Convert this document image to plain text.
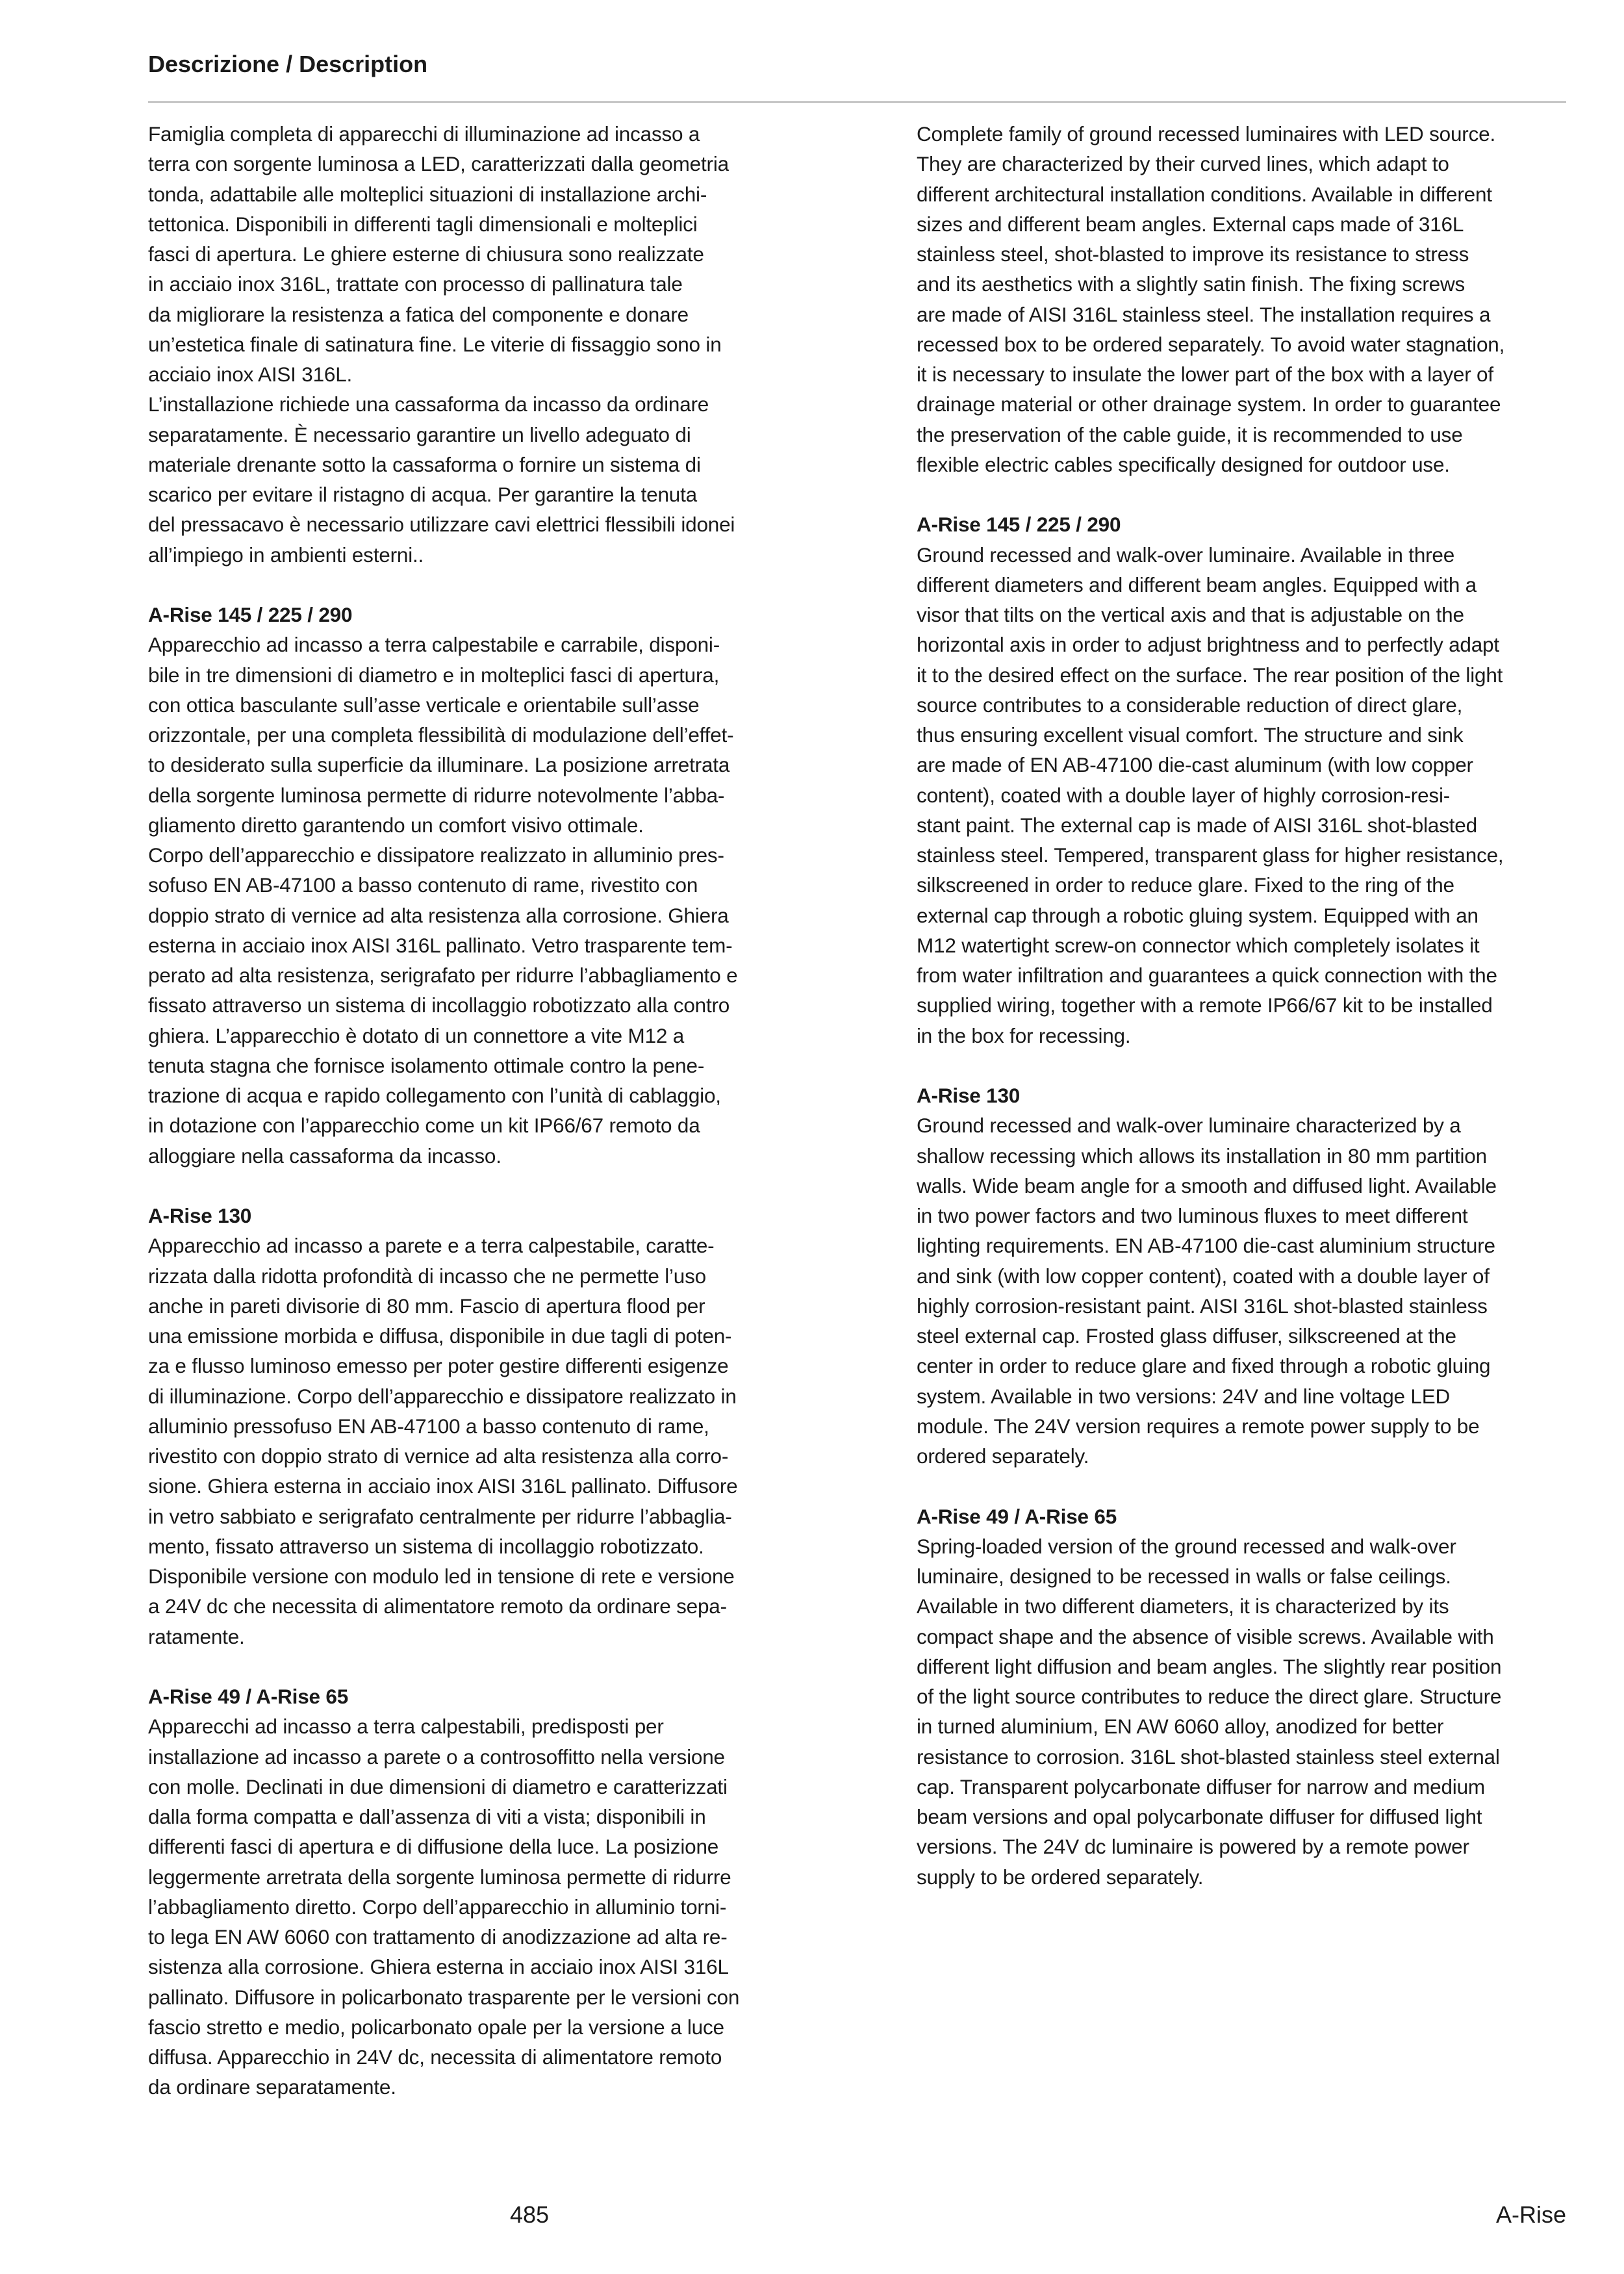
Descrizione / Description
Famiglia completa di apparecchi di illuminazione ad incasso a
terra con sorgente luminosa a LED, caratterizzati dalla geometria
tonda, adattabile alle molteplici situazioni di installazione archi-
tettonica. Disponibili in differenti tagli dimensionali e molteplici
fasci di apertura. Le ghiere esterne di chiusura sono realizzate
in acciaio inox 316L, trattate con processo di pallinatura tale
da migliorare la resistenza a fatica del componente e donare
un’estetica finale di satinatura fine. Le viterie di fissaggio sono in
acciaio inox AISI 316L.
L’installazione richiede una cassaforma da incasso da ordinare
separatamente. È necessario garantire un livello adeguato di
materiale drenante sotto la cassaforma o fornire un sistema di
scarico per evitare il ristagno di acqua. Per garantire la tenuta
del pressacavo è necessario utilizzare cavi elettrici flessibili idonei
all’impiego in ambienti esterni..
A-Rise 145 / 225 / 290
Apparecchio ad incasso a terra calpestabile e carrabile, disponi-
bile in tre dimensioni di diametro e in molteplici fasci di apertura,
con ottica basculante sull’asse verticale e orientabile sull’asse
orizzontale, per una completa flessibilità di modulazione dell’effet-
to desiderato sulla superficie da illuminare. La posizione arretrata
della sorgente luminosa permette di ridurre notevolmente l’abba-
gliamento diretto garantendo un comfort visivo ottimale.
Corpo dell’apparecchio e dissipatore realizzato in alluminio pres-
sofuso EN AB-47100 a basso contenuto di rame, rivestito con
doppio strato di vernice ad alta resistenza alla corrosione. Ghiera
esterna in acciaio inox AISI 316L pallinato. Vetro trasparente tem-
perato ad alta resistenza, serigrafato per ridurre l’abbagliamento e
fissato attraverso un sistema di incollaggio robotizzato alla contro
ghiera. L’apparecchio è dotato di un connettore a vite M12 a
tenuta stagna che fornisce isolamento ottimale contro la pene-
trazione di acqua e rapido collegamento con l’unità di cablaggio,
in dotazione con l’apparecchio come un kit IP66/67 remoto da
alloggiare nella cassaforma da incasso.
A-Rise 130
Apparecchio ad incasso a parete e a terra calpestabile, caratte-
rizzata dalla ridotta profondità di incasso che ne permette l’uso
anche in pareti divisorie di 80 mm. Fascio di apertura flood per
una emissione morbida e diffusa, disponibile in due tagli di poten-
za e flusso luminoso emesso per poter gestire differenti esigenze
di illuminazione. Corpo dell’apparecchio e dissipatore realizzato in
alluminio pressofuso EN AB-47100 a basso contenuto di rame,
rivestito con doppio strato di vernice ad alta resistenza alla corro-
sione. Ghiera esterna in acciaio inox AISI 316L pallinato. Diffusore
in vetro sabbiato e serigrafato centralmente per ridurre l’abbaglia-
mento, fissato attraverso un sistema di incollaggio robotizzato.
Disponibile versione con modulo led in tensione di rete e versione
a 24V dc che necessita di alimentatore remoto da ordinare sepa-
ratamente.
A-Rise 49 / A-Rise 65
Apparecchi ad incasso a terra calpestabili, predisposti per
installazione ad incasso a parete o a controsoffitto nella versione
con molle. Declinati in due dimensioni di diametro e caratterizzati
dalla forma compatta e dall’assenza di viti a vista; disponibili in
differenti fasci di apertura e di diffusione della luce. La posizione
leggermente arretrata della sorgente luminosa permette di ridurre
l’abbagliamento diretto. Corpo dell’apparecchio in alluminio torni-
to lega EN AW 6060 con trattamento di anodizzazione ad alta re-
sistenza alla corrosione. Ghiera esterna in acciaio inox AISI 316L
pallinato. Diffusore in policarbonato trasparente per le versioni con
fascio stretto e medio, policarbonato opale per la versione a luce
diffusa. Apparecchio in 24V dc, necessita di alimentatore remoto
da ordinare separatamente.
Complete family of ground recessed luminaires with LED source.
They are characterized by their curved lines, which adapt to
different architectural installation conditions. Available in different
sizes and different beam angles. External caps made of 316L
stainless steel, shot-blasted to improve its resistance to stress
and its aesthetics with a slightly satin finish. The fixing screws
are made of AISI 316L stainless steel. The installation requires a
recessed box to be ordered separately. To avoid water stagnation,
it is necessary to insulate the lower part of the box with a layer of
drainage material or other drainage system. In order to guarantee
the preservation of the cable guide, it is recommended to use
flexible electric cables specifically designed for outdoor use.
A-Rise 145 / 225 / 290
Ground recessed and walk-over luminaire. Available in three
different diameters and different beam angles. Equipped with a
visor that tilts on the vertical axis and that is adjustable on the
horizontal axis in order to adjust brightness and to perfectly adapt
it to the desired effect on the surface. The rear position of the light
source contributes to a considerable reduction of direct glare,
thus ensuring excellent visual comfort. The structure and sink
are made of EN AB-47100 die-cast aluminum (with low copper
content), coated with a double layer of highly corrosion-resi-
stant paint. The external cap is made of AISI 316L shot-blasted
stainless steel. Tempered, transparent glass for higher resistance,
silkscreened in order to reduce glare. Fixed to the ring of the
external cap through a robotic gluing system. Equipped with an
M12 watertight screw-on connector which completely isolates it
from water infiltration and guarantees a quick connection with the
supplied wiring, together with a remote IP66/67 kit to be installed
in the box for recessing.
A-Rise 130
Ground recessed and walk-over luminaire characterized by a
shallow recessing which allows its installation in 80 mm partition
walls. Wide beam angle for a smooth and diffused light. Available
in two power factors and two luminous fluxes to meet different
lighting requirements. EN AB-47100 die-cast aluminium structure
and sink (with low copper content), coated with a double layer of
highly corrosion-resistant paint. AISI 316L shot-blasted stainless
steel external cap. Frosted glass diffuser, silkscreened at the
center in order to reduce glare and fixed through a robotic gluing
system. Available in two versions: 24V and line voltage LED
module. The 24V version requires a remote power supply to be
ordered separately.
A-Rise 49 / A-Rise 65
Spring-loaded version of the ground recessed and walk-over
luminaire, designed to be recessed in walls or false ceilings.
Available in two different diameters, it is characterized by its
compact shape and the absence of visible screws. Available with
different light diffusion and beam angles. The slightly rear position
of the light source contributes to reduce the direct glare. Structure
in turned aluminium, EN AW 6060 alloy, anodized for better
resistance to corrosion. 316L shot-blasted stainless steel external
cap. Transparent polycarbonate diffuser for narrow and medium
beam versions and opal polycarbonate diffuser for diffused light
versions. The 24V dc luminaire is powered by a remote power
supply to be ordered separately.
485	A-Rise
